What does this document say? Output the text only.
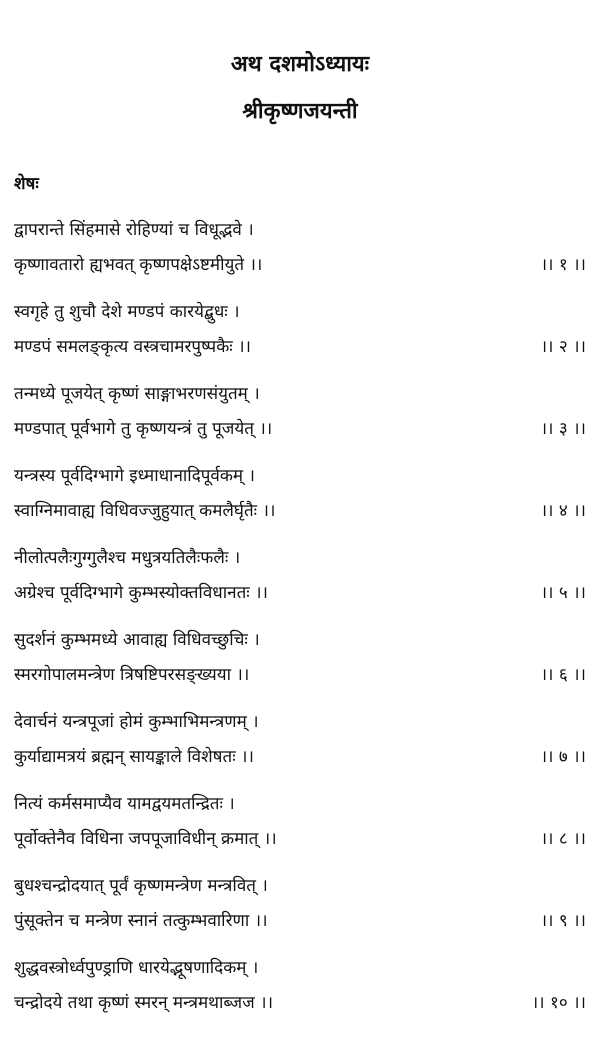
अथ दशमोऽध्यायः
श्रीकृष्णजयन्ती
शेषः
द्वापरान्ते सिंहमासे रोहिण्यां च विधूद्भवे ।
कृष्णावतारो ह्यभवत् कृष्णपक्षेऽष्टमीयुते ।।	।। १ ।।
स्वगृहे तु शुचौ देशे मण्डपं कारयेद्बुधः ।
मण्डपं समलङ्कृत्य वस्त्रचामरपुष्पकैः ।।	।। २ ।।
तन्मध्ये पूजयेत् कृष्णं साङ्गाभरणसंयुतम् ।
मण्डपात् पूर्वभागे तु कृष्णयन्त्रं तु पूजयेत् ।।	।। ३ ।।
यन्त्रस्य पूर्वदिग्भागे इध्माधानादिपूर्वकम् ।
स्वाग्निमावाह्य विधिवज्जुहुयात् कमलैर्घृतैः ।।	।। ४ ।।
नीलोत्पलैःगुग्गुलैश्च मधुत्रयतिलैःफलैः ।
अग्रेश्च पूर्वदिग्भागे कुम्भस्योक्तविधानतः ।।	।। ५ ।।
सुदर्शनं कुम्भमध्ये आवाह्य विधिवच्छुचिः ।
स्मरगोपालमन्त्रेण त्रिषष्टिपरसङ्ख्यया ।।	।। ६ ।।
देवार्चनं यन्त्रपूजां होमं कुम्भाभिमन्त्रणम् ।
कुर्याद्यामत्रयं ब्रह्मन् सायङ्काले विशेषतः ।।	।। ७ ।।
नित्यं कर्मसमाप्यैव यामद्वयमतन्द्रितः ।
पूर्वोक्तेनैव विधिना जपपूजाविधीन् क्रमात् ।।	।। ८ ।।
बुधश्चन्द्रोदयात् पूर्वं कृष्णमन्त्रेण मन्त्रवित् ।
पुंसूक्तेन च मन्त्रेण स्नानं तत्कुम्भवारिणा ।।	।। ९ ।।
शुद्धवस्त्रोर्ध्वपुण्ड्राणि धारयेद्भूषणादिकम् ।
चन्द्रोदये तथा कृष्णं स्मरन् मन्त्रमथाब्जज ।।	।। १० ।।
